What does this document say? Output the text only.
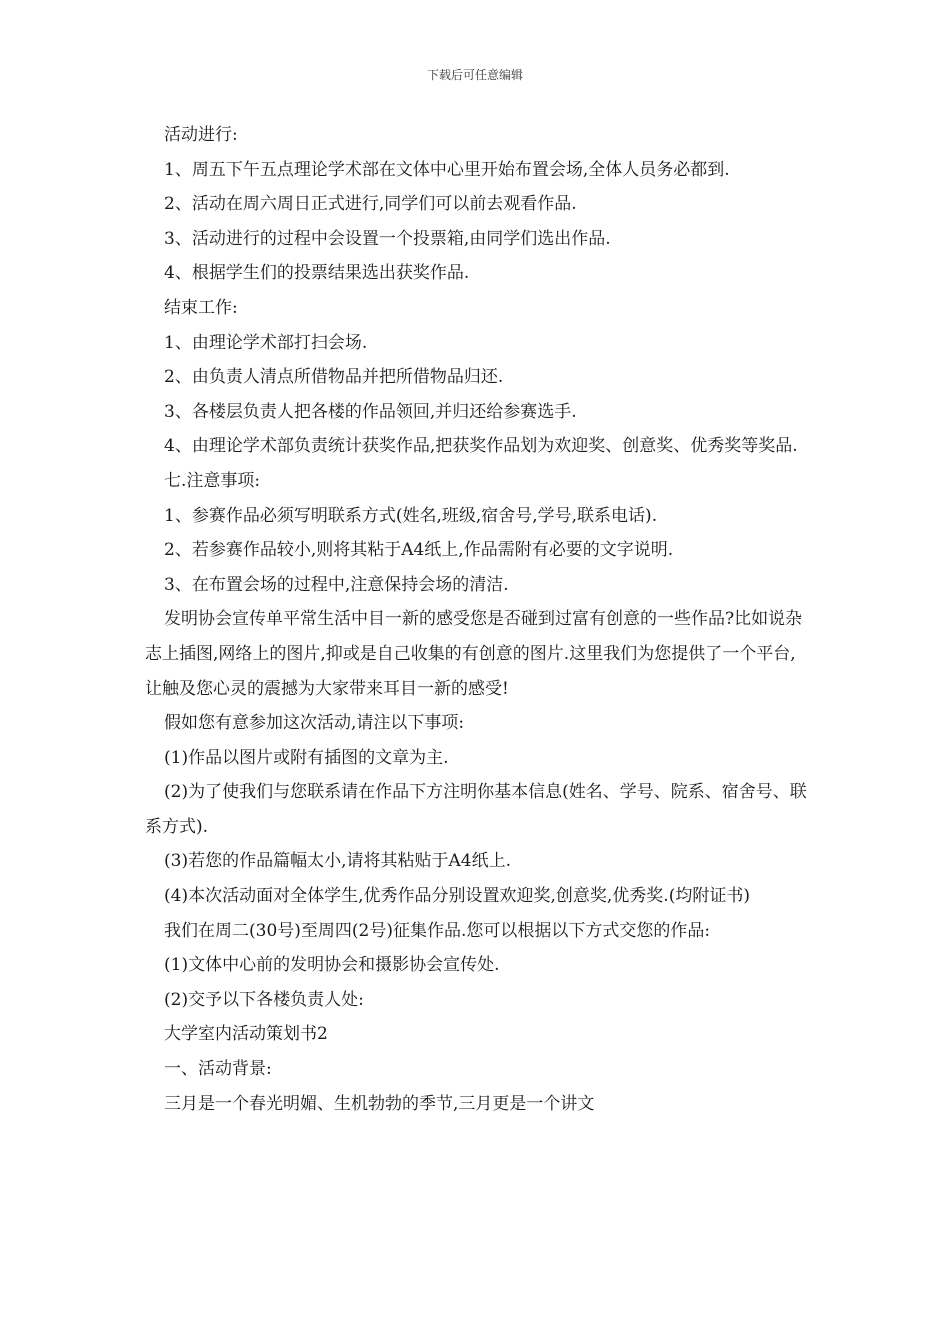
下载后可任意编辑

活动进行:

1、周五下午五点理论学术部在文体中心里开始布置会场,全体人员务必都到.

2、活动在周六周日正式进行,同学们可以前去观看作品.

3、活动进行的过程中会设置一个投票箱,由同学们选出作品.

4、根据学生们的投票结果选出获奖作品.

结束工作:

1、由理论学术部打扫会场.

2、由负责人清点所借物品并把所借物品归还.

3、各楼层负责人把各楼的作品领回,并归还给参赛选手.

4、由理论学术部负责统计获奖作品,把获奖作品划为欢迎奖、创意奖、优秀奖等奖品.

七.注意事项:

1、参赛作品必须写明联系方式(姓名,班级,宿舍号,学号,联系电话).

2、若参赛作品较小,则将其粘于A4纸上,作品需附有必要的文字说明.

3、在布置会场的过程中,注意保持会场的清洁.

发明协会宣传单平常生活中目一新的感受您是否碰到过富有创意的一些作品?比如说杂志上插图,网络上的图片,抑或是自己收集的有创意的图片.这里我们为您提供了一个平台,让触及您心灵的震撼为大家带来耳目一新的感受!

假如您有意参加这次活动,请注以下事项:

(1)作品以图片或附有插图的文章为主.

(2)为了使我们与您联系请在作品下方注明你基本信息(姓名、学号、院系、宿舍号、联系方式).

(3)若您的作品篇幅太小,请将其粘贴于A4纸上.

(4)本次活动面对全体学生,优秀作品分别设置欢迎奖,创意奖,优秀奖.(均附证书)

我们在周二(30号)至周四(2号)征集作品.您可以根据以下方式交您的作品:

(1)文体中心前的发明协会和摄影协会宣传处.

(2)交予以下各楼负责人处:

大学室内活动策划书2

一、活动背景:

三月是一个春光明媚、生机勃勃的季节,三月更是一个讲文
